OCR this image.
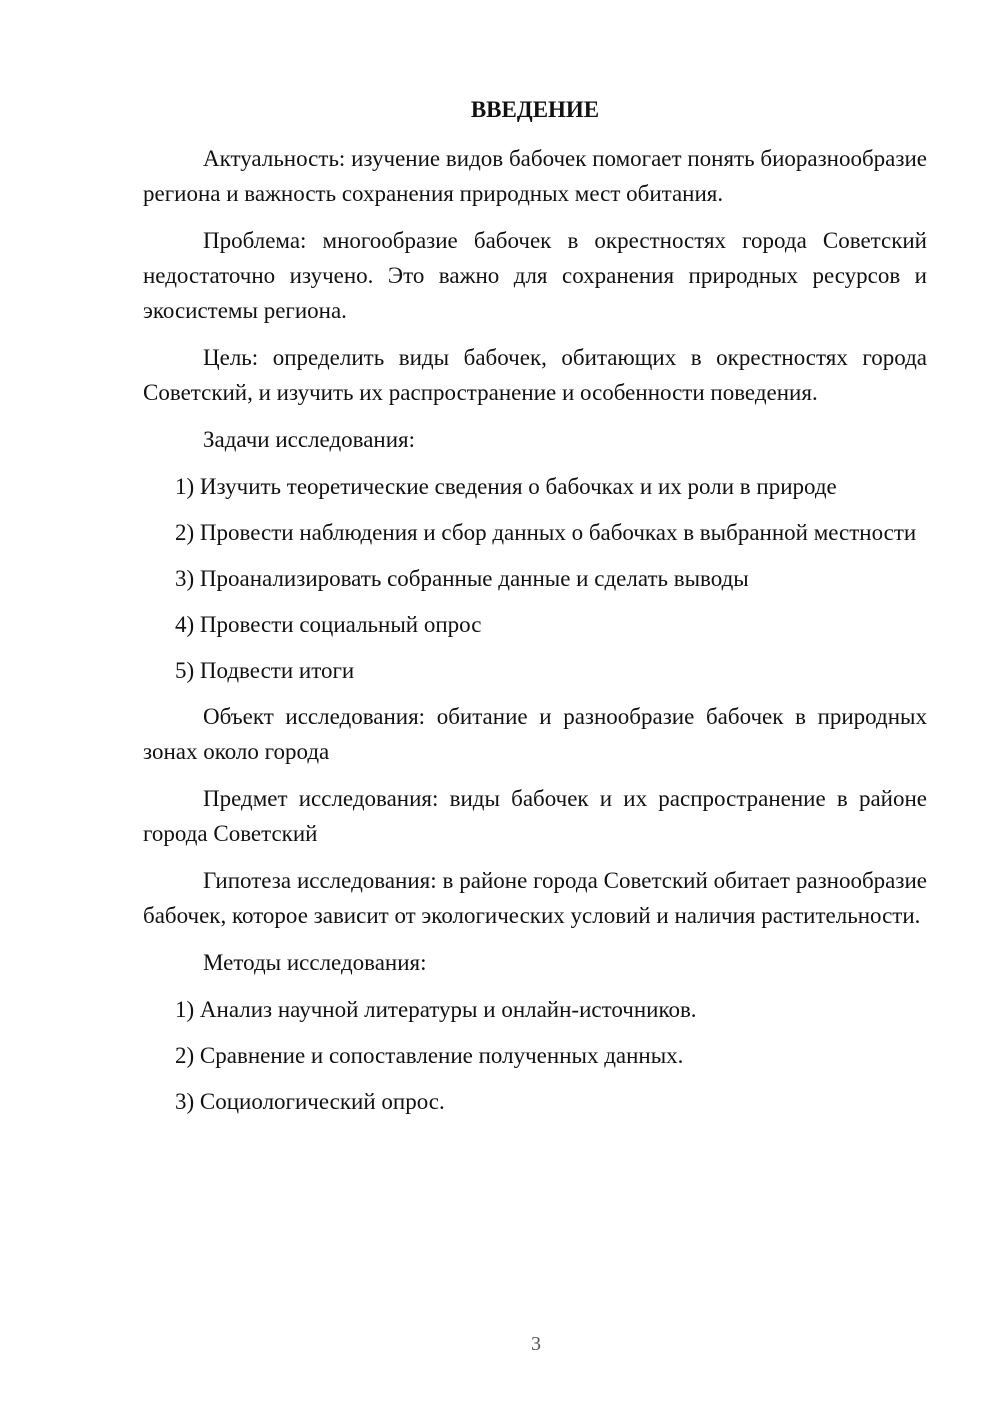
ВВЕДЕНИЕ

Актуальность: изучение видов бабочек помогает понять биоразнообразие региона и важность сохранения природных мест обитания.

Проблема: многообразие бабочек в окрестностях города Советский недостаточно изучено. Это важно для сохранения природных ресурсов и экосистемы региона.

Цель: определить виды бабочек, обитающих в окрестностях города Советский, и изучить их распространение и особенности поведения.

Задачи исследования:

1) Изучить теоретические сведения о бабочках и их роли в природе

2) Провести наблюдения и сбор данных о бабочках в выбранной местности

3) Проанализировать собранные данные и сделать выводы

4) Провести социальный опрос

5) Подвести итоги

Объект исследования: обитание и разнообразие бабочек в природных зонах около города

Предмет исследования: виды бабочек и их распространение в районе города Советский

Гипотеза исследования: в районе города Советский обитает разнообразие бабочек, которое зависит от экологических условий и наличия растительности.

Методы исследования:

1) Анализ научной литературы и онлайн-источников.

2) Сравнение и сопоставление полученных данных.

3) Социологический опрос.

3
